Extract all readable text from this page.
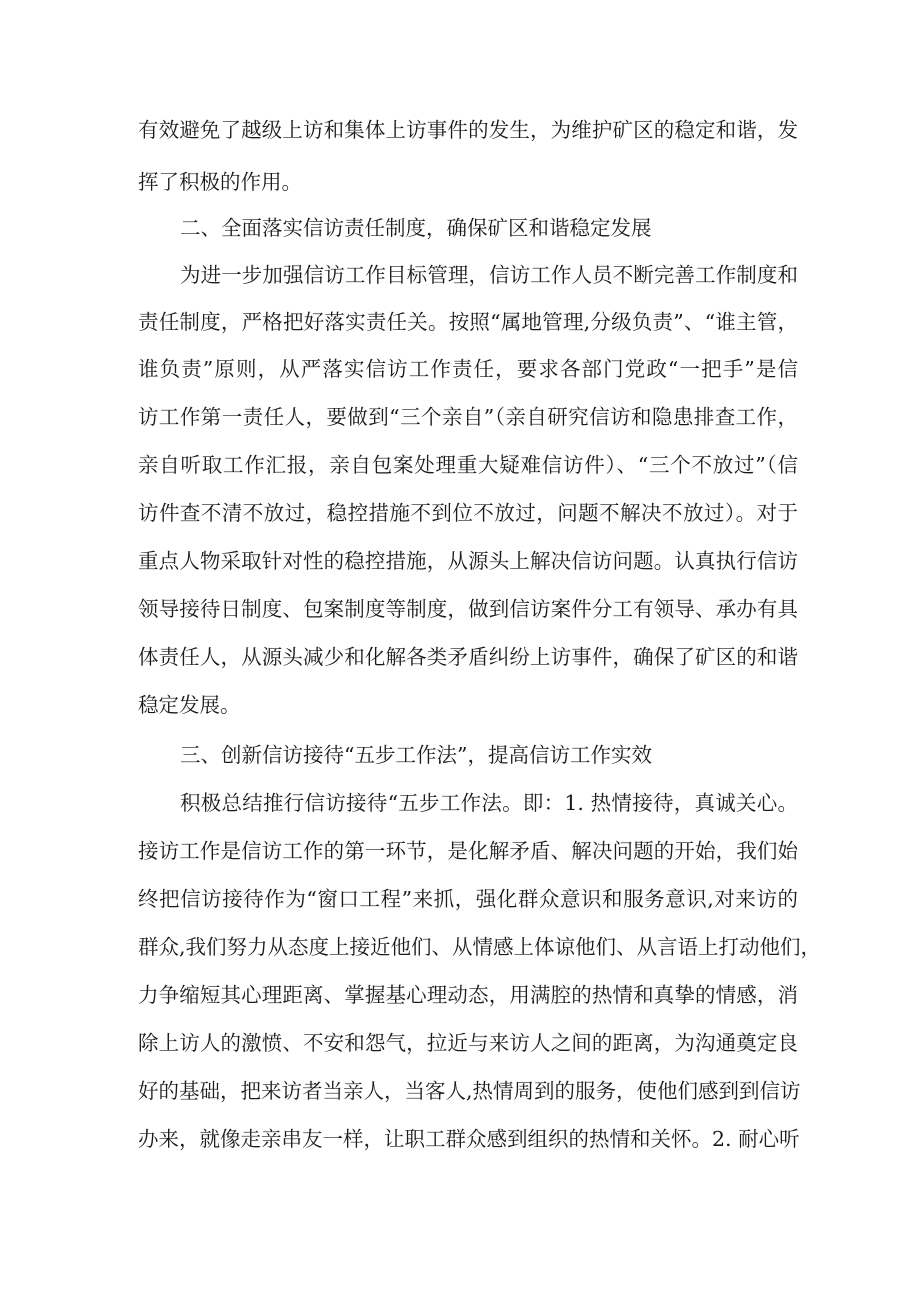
有效避免了越级上访和集体上访事件的发生，为维护矿区的稳定和谐，发

挥了积极的作用。

二、全面落实信访责任制度，确保矿区和谐稳定发展

为进一步加强信访工作目标管理，信访工作人员不断完善工作制度和

责任制度，严格把好落实责任关。按照“属地管理,分级负责”、“谁主管，

谁负责”原则，从严落实信访工作责任，要求各部门党政“一把手”是信

访工作第一责任人，要做到“三个亲自”（亲自研究信访和隐患排查工作，

亲自听取工作汇报，亲自包案处理重大疑难信访件）、“三个不放过”（信

访件查不清不放过，稳控措施不到位不放过，问题不解决不放过）。对于

重点人物采取针对性的稳控措施，从源头上解决信访问题。认真执行信访

领导接待日制度、包案制度等制度，做到信访案件分工有领导、承办有具

体责任人，从源头减少和化解各类矛盾纠纷上访事件，确保了矿区的和谐

稳定发展。

三、创新信访接待“五步工作法”，提高信访工作实效

积极总结推行信访接待“五步工作法。即：1. 热情接待，真诚关心。

接访工作是信访工作的第一环节，是化解矛盾、解决问题的开始，我们始

终把信访接待作为“窗口工程”来抓，强化群众意识和服务意识,对来访的

群众,我们努力从态度上接近他们、从情感上体谅他们、从言语上打动他们，

力争缩短其心理距离、掌握基心理动态，用满腔的热情和真挚的情感，消

除上访人的激愤、不安和怨气，拉近与来访人之间的距离，为沟通奠定良

好的基础，把来访者当亲人，当客人,热情周到的服务，使他们感到到信访

办来，就像走亲串友一样，让职工群众感到组织的热情和关怀。2. 耐心听
